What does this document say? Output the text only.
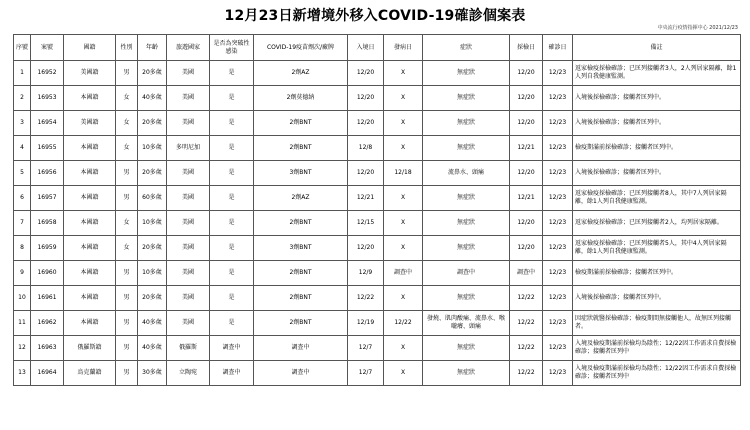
12月23日新增境外移入COVID-19確診個案表
中央流行疫情指揮中心 2021/12/23
序號	案號	國籍	性別	年齡	旅遊國家	是否為突破性感染	COVID-19疫苗劑次/廠牌	入境日	發病日	症狀	採檢日	確診日	備註
1	16952	美國籍	男	20多歲	美國	是	2劑AZ	12/20	X	無症狀	12/20	12/23	返家檢疫採檢確診；已匡列接觸者3人，2人列居家隔離，餘1人列自我健康監測。
2	16953	本國籍	女	40多歲	美國	是	2劑莫德納	12/20	X	無症狀	12/20	12/23	入境後採檢確診；接觸者匡列中。
3	16954	美國籍	女	20多歲	美國	是	2劑BNT	12/20	X	無症狀	12/20	12/23	入境後採檢確診；接觸者匡列中。
4	16955	本國籍	女	10多歲	多明尼加	是	2劑BNT	12/8	X	無症狀	12/21	12/23	檢疫期滿前採檢確診；接觸者匡列中。
5	16956	本國籍	男	20多歲	美國	是	3劑BNT	12/20	12/18	流鼻水、頭痛	12/20	12/23	入境後採檢確診；接觸者匡列中。
6	16957	本國籍	男	60多歲	美國	是	2劑AZ	12/21	X	無症狀	12/21	12/23	返家檢疫採檢確診；已匡列接觸者8人，其中7人列居家隔離，餘1人列自我健康監測。
7	16958	本國籍	女	10多歲	美國	是	2劑BNT	12/15	X	無症狀	12/20	12/23	返家檢疫採檢確診；已匡列接觸者2人，均列居家隔離。
8	16959	本國籍	女	20多歲	美國	是	3劑BNT	12/20	X	無症狀	12/20	12/23	返家檢疫採檢確診；已匡列接觸者5人，其中4人列居家隔離，餘1人列自我健康監測。
9	16960	本國籍	男	10多歲	美國	是	2劑BNT	12/9	調查中	調查中	調查中	12/23	檢疫期滿前採檢確診；接觸者匡列中。
10	16961	本國籍	男	20多歲	美國	是	2劑BNT	12/22	X	無症狀	12/22	12/23	入境後採檢確診；接觸者匡列中。
11	16962	本國籍	男	40多歲	美國	是	2劑BNT	12/19	12/22	發燒、肌肉酸痛、流鼻水、喉嚨癢、頭痛	12/22	12/23	因症狀就醫採檢確診；檢疫期間無接觸他人，故無匡列接觸者。
12	16963	俄羅斯籍	男	40多歲	俄羅斯	調查中	調查中	12/7	X	無症狀	12/22	12/23	入境及檢疫期滿前採檢均為陰性；12/22因工作需求自費採檢確診；接觸者匡列中
13	16964	烏克蘭籍	男	30多歲	立陶宛	調查中	調查中	12/7	X	無症狀	12/22	12/23	入境及檢疫期滿前採檢均為陰性；12/22因工作需求自費採檢確診；接觸者匡列中
